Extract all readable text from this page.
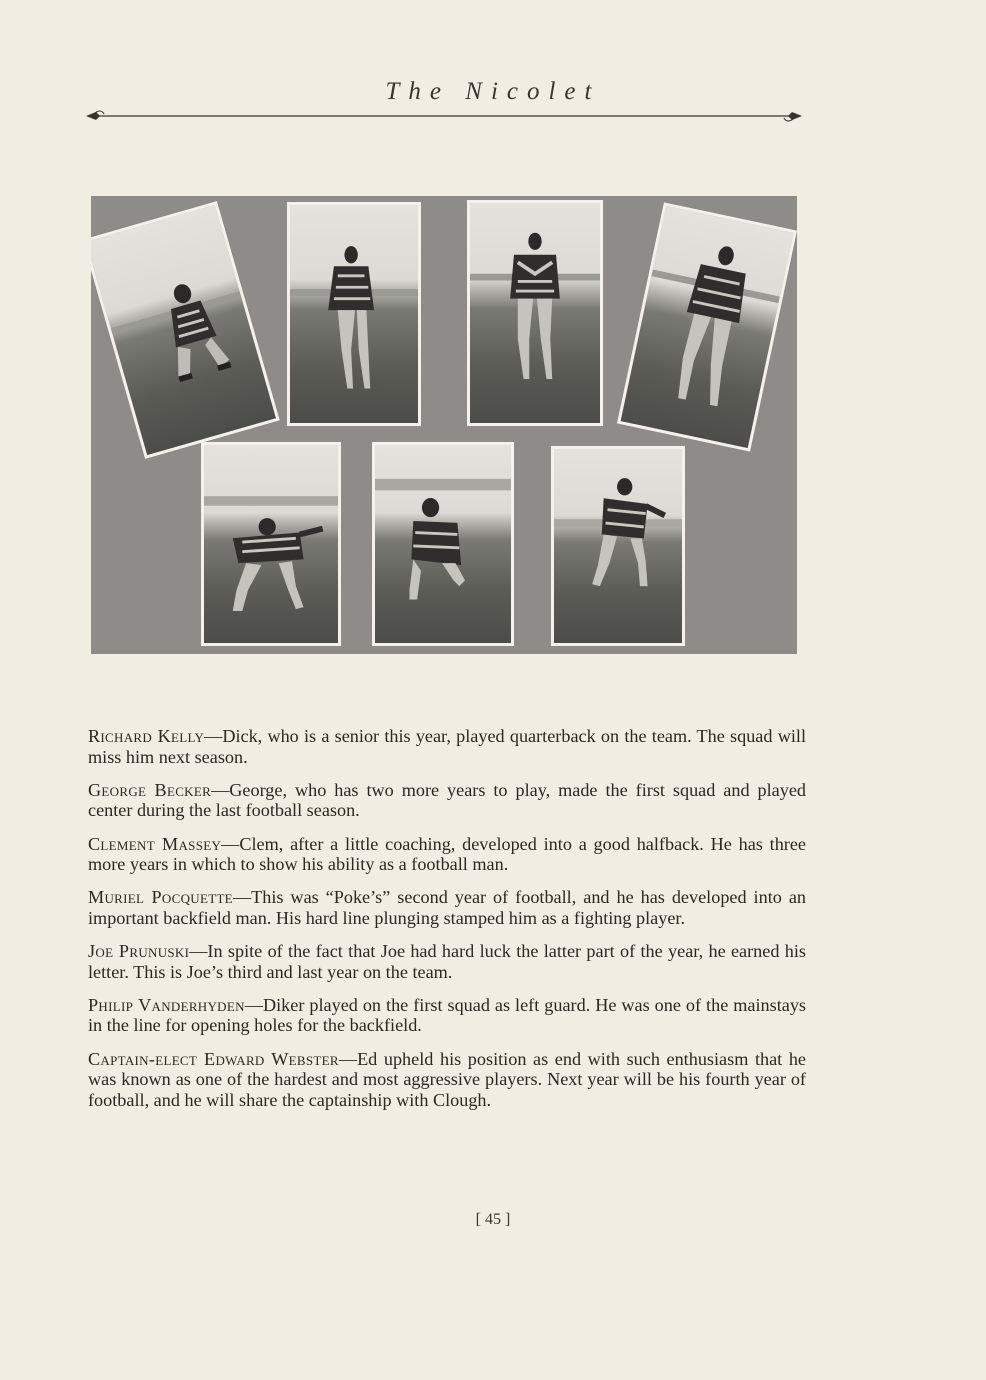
The Nicolet

Richard Kelly—Dick, who is a senior this year, played quarterback on the team. The squad will miss him next season.

George Becker—George, who has two more years to play, made the first squad and played center during the last football season.

Clement Massey—Clem, after a little coaching, developed into a good halfback. He has three more years in which to show his ability as a football man.

Muriel Pocquette—This was “Poke’s” second year of football, and he has developed into an important backfield man. His hard line plunging stamped him as a fighting player.

Joe Prunuski—In spite of the fact that Joe had hard luck the latter part of the year, he earned his letter. This is Joe’s third and last year on the team.

Philip Vanderhyden—Diker played on the first squad as left guard. He was one of the mainstays in the line for opening holes for the backfield.

Captain-elect Edward Webster—Ed upheld his position as end with such enthusiasm that he was known as one of the hardest and most aggressive players. Next year will be his fourth year of football, and he will share the captainship with Clough.

[ 45 ]
